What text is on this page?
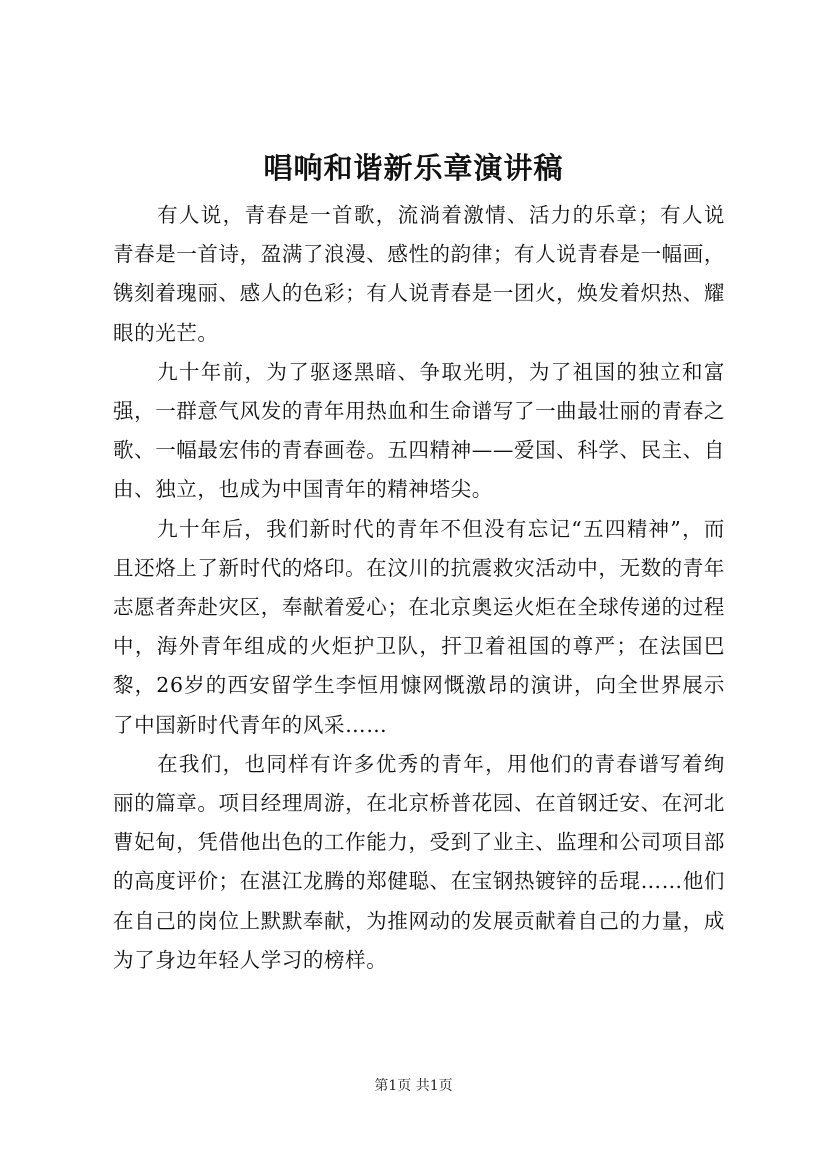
唱响和谐新乐章演讲稿

有人说，青春是一首歌，流淌着激情、活力的乐章；有人说青春是一首诗，盈满了浪漫、感性的韵律；有人说青春是一幅画，镌刻着瑰丽、感人的色彩；有人说青春是一团火，焕发着炽热、耀眼的光芒。

九十年前，为了驱逐黑暗、争取光明，为了祖国的独立和富强，一群意气风发的青年用热血和生命谱写了一曲最壮丽的青春之歌、一幅最宏伟的青春画卷。五四精神——爱国、科学、民主、自由、独立，也成为中国青年的精神塔尖。

九十年后，我们新时代的青年不但没有忘记“五四精神”，而且还烙上了新时代的烙印。在汶川的抗震救灾活动中，无数的青年志愿者奔赴灾区，奉献着爱心；在北京奥运火炬在全球传递的过程中，海外青年组成的火炬护卫队，扞卫着祖国的尊严；在法国巴黎，26岁的西安留学生李恒用慷网慨激昂的演讲，向全世界展示了中国新时代青年的风采……

在我们，也同样有许多优秀的青年，用他们的青春谱写着绚丽的篇章。项目经理周游，在北京桥普花园、在首钢迁安、在河北曹妃甸，凭借他出色的工作能力，受到了业主、监理和公司项目部的高度评价；在湛江龙腾的郑健聪、在宝钢热镀锌的岳琨……他们在自己的岗位上默默奉献，为推网动的发展贡献着自己的力量，成为了身边年轻人学习的榜样。

第1页 共1页
